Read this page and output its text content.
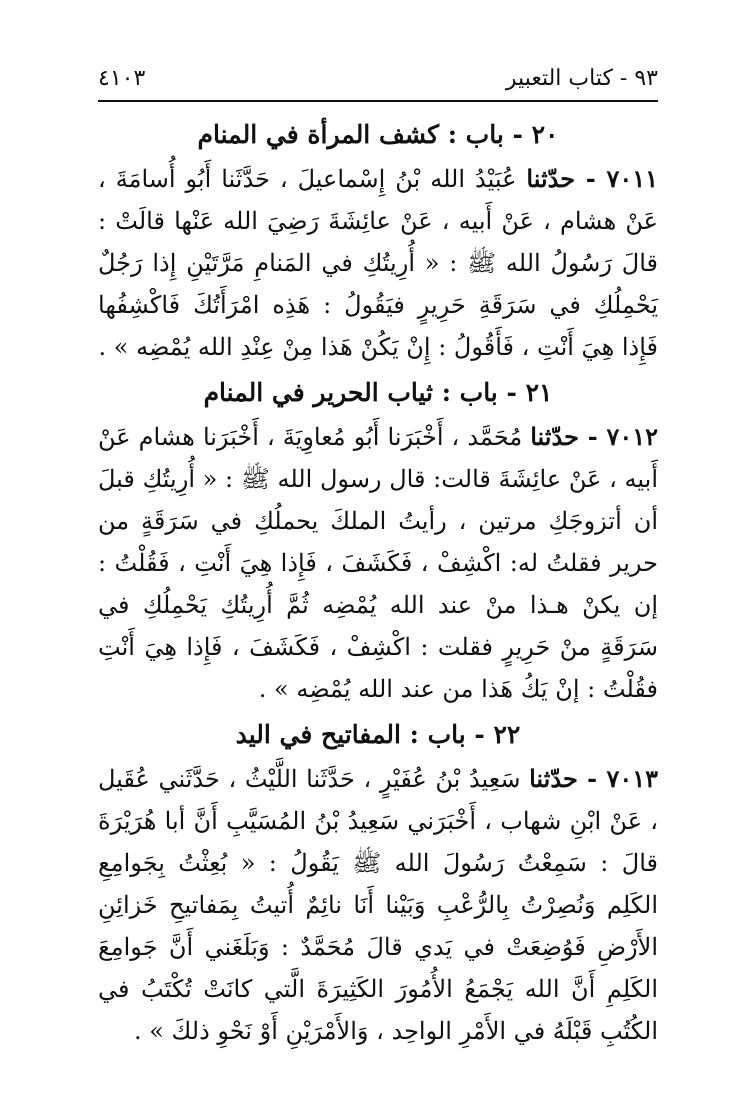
٩٣ - كتاب التعبير
٤١٠٣
٢٠ - باب : كشف المرأة في المنام

٧٠١١ - حدّثنا عُبَيْدُ الله بْنُ إِسْماعيلَ ، حَدَّثَنا أَبُو أُسامَةَ ، عَنْ هشام ، عَنْ أَبيه ، عَنْ عائِشَةَ رَضِيَ الله عَنْها قالَتْ : قالَ رَسُولُ الله ﷺ : « أُرِيتُكِ في المَنامِ مَرَّتَيْنِ إِذا رَجُلٌ يَحْمِلُكِ في سَرَقَةِ حَرِيرٍ فيَقُولُ : هَذِه امْرَأَتُكَ فَاكْشِفُها فَإِذا هِيَ أَنْتِ ، فَأَقُولُ : إِنْ يَكُنْ هَذا مِنْ عِنْدِ الله يُمْضِه » .

٢١ - باب : ثياب الحرير في المنام

٧٠١٢ - حدّثنا مُحَمَّد ، أَخْبَرَنا أَبُو مُعاوِيَةَ ، أَخْبَرَنا هشام عَنْ أَبيه ، عَنْ عائِشَةَ قالت: قال رسول الله ﷺ : « أُرِيتُكِ قبلَ أن أتزوجَكِ مرتين ، رأيتُ الملكَ يحملُكِ في سَرَقَةٍ من حرير فقلتُ له: اكْشِفْ ، فَكَشَفَ ، فَإِذا هِيَ أَنْتِ ، فَقُلْتُ : إن يكنْ هـذا منْ عند الله يُمْضِه ثُمَّ أُرِيتُكِ يَحْمِلُكِ في سَرَقَةٍ منْ حَرِيرٍ فقلت : اكْشِفْ ، فَكَشَفَ ، فَإِذا هِيَ أَنْتِ فقُلْتُ : إنْ يَكُ هَذا من عند الله يُمْضِه » .

٢٢ - باب : المفاتيح في اليد

٧٠١٣ - حدّثنا سَعِيدُ بْنُ عُفَيْرٍ ، حَدَّثَنا اللَّيْثُ ، حَدَّثَني عُقَيل ، عَنْ ابْنِ شهاب ، أَخْبَرَني سَعِيدُ بْنُ المُسَيَّبِ أَنَّ أبا هُرَيْرَةَ قالَ : سَمِعْتُ رَسُولَ الله ﷺ يَقُولُ : « بُعِثْتُ بِجَوامِعِ الكَلِم وَنُصِرْتُ بِالرُّعْبِ وَبَيْنا أَنَا نائِمٌ أُتيتُ بِمَفاتيحِ خَزائِنِ الأَرْضِ فَوُضِعَتْ في يَدي قالَ مُحَمَّدٌ : وَبَلَغَني أَنَّ جَوامِعَ الكَلِمِ أَنَّ الله يَجْمَعُ الأُمُورَ الكَثِيرَةَ الَّتي كانَتْ تُكْتَبُ في الكُتُبِ قَبْلَهُ في الأَمْرِ الواحِد ، وَالأَمْرَيْنِ أَوْ نَحْوِ ذلكَ » .
